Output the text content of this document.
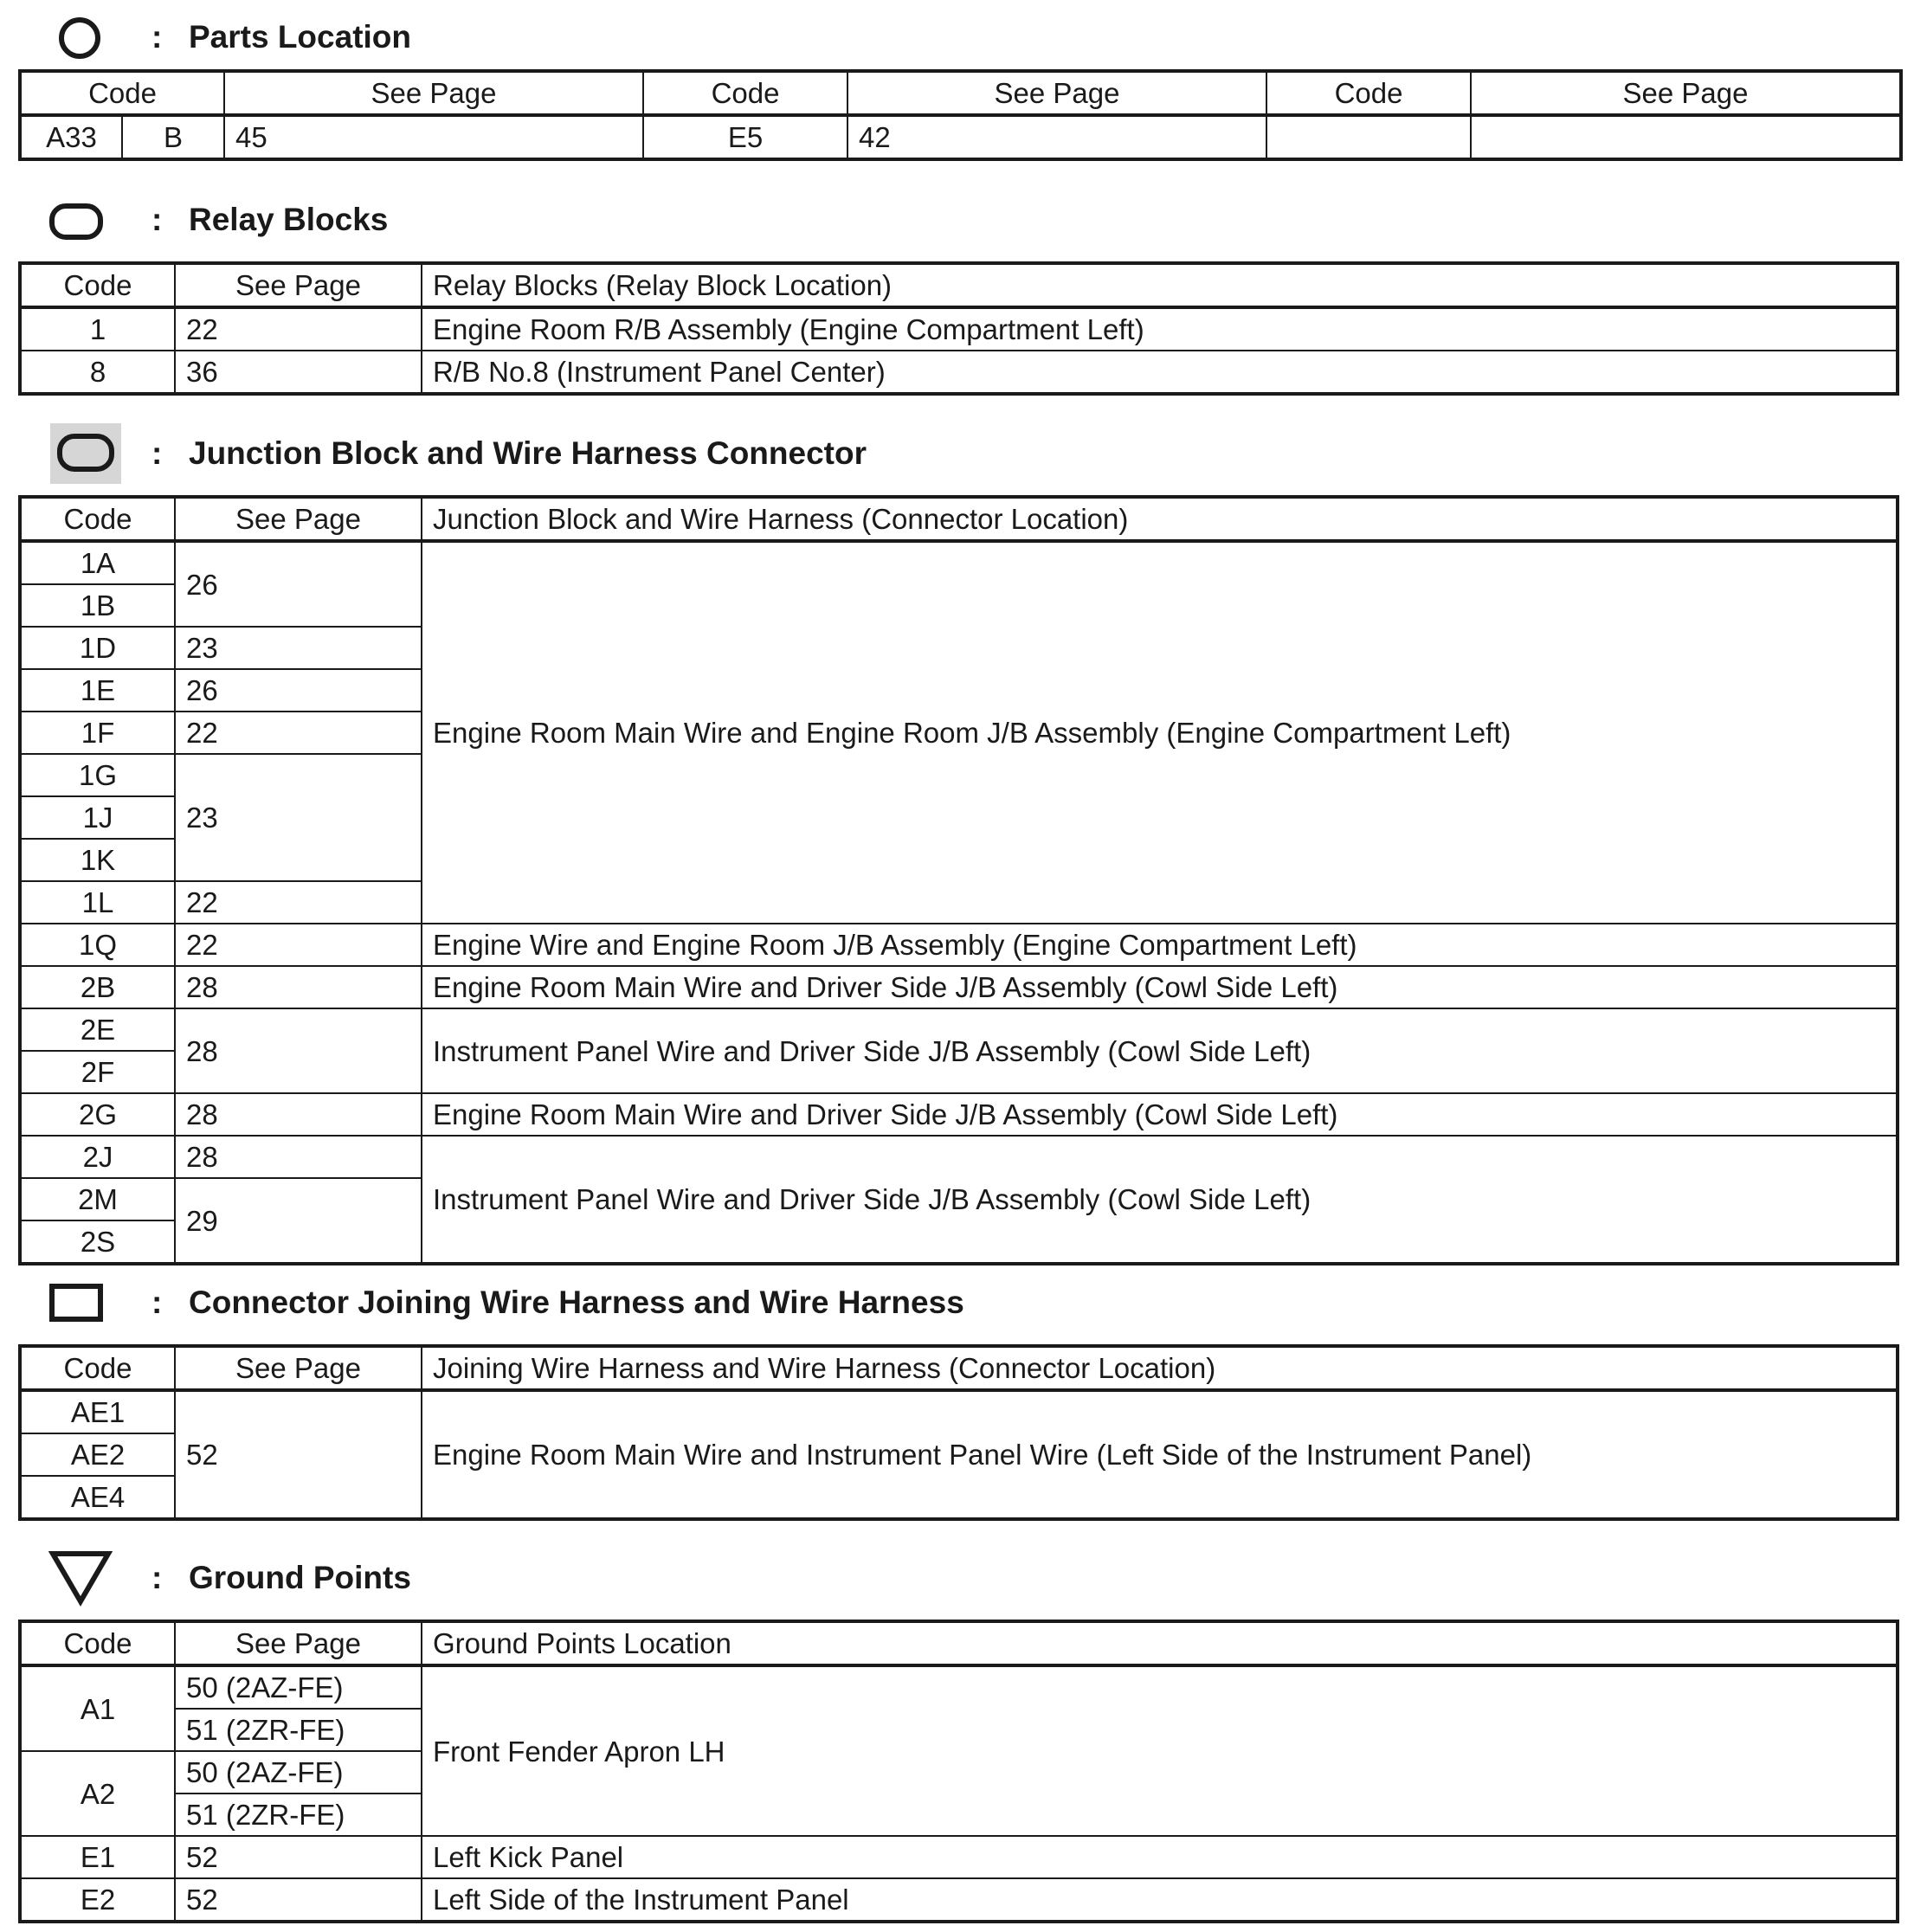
: Parts Location
Code		See Page	Code	See Page	Code	See Page
A33	B	45	E5	42		
: Relay Blocks
Code	See Page	Relay Blocks (Relay Block Location)
1	22	Engine Room R/B Assembly (Engine Compartment Left)
8	36	R/B No.8 (Instrument Panel Center)
: Junction Block and Wire Harness Connector
Code	See Page	Junction Block and Wire Harness (Connector Location)
1A	26	Engine Room Main Wire and Engine Room J/B Assembly (Engine Compartment Left)
1B		
1D	23	
1E	26	
1F	22	
1G	23	
1J		
1K		
1L	22	
1Q	22	Engine Wire and Engine Room J/B Assembly (Engine Compartment Left)
2B	28	Engine Room Main Wire and Driver Side J/B Assembly (Cowl Side Left)
2E	28	Instrument Panel Wire and Driver Side J/B Assembly (Cowl Side Left)
2F		
2G	28	Engine Room Main Wire and Driver Side J/B Assembly (Cowl Side Left)
2J	28	Instrument Panel Wire and Driver Side J/B Assembly (Cowl Side Left)
2M	29	
2S		
: Connector Joining Wire Harness and Wire Harness
Code	See Page	Joining Wire Harness and Wire Harness (Connector Location)
AE1	52	Engine Room Main Wire and Instrument Panel Wire (Left Side of the Instrument Panel)
AE2		
AE4		
: Ground Points
Code	See Page	Ground Points Location
A1	50 (2AZ-FE)	Front Fender Apron LH
	51 (2ZR-FE)	
A2	50 (2AZ-FE)	
	51 (2ZR-FE)	
E1	52	Left Kick Panel
E2	52	Left Side of the Instrument Panel
